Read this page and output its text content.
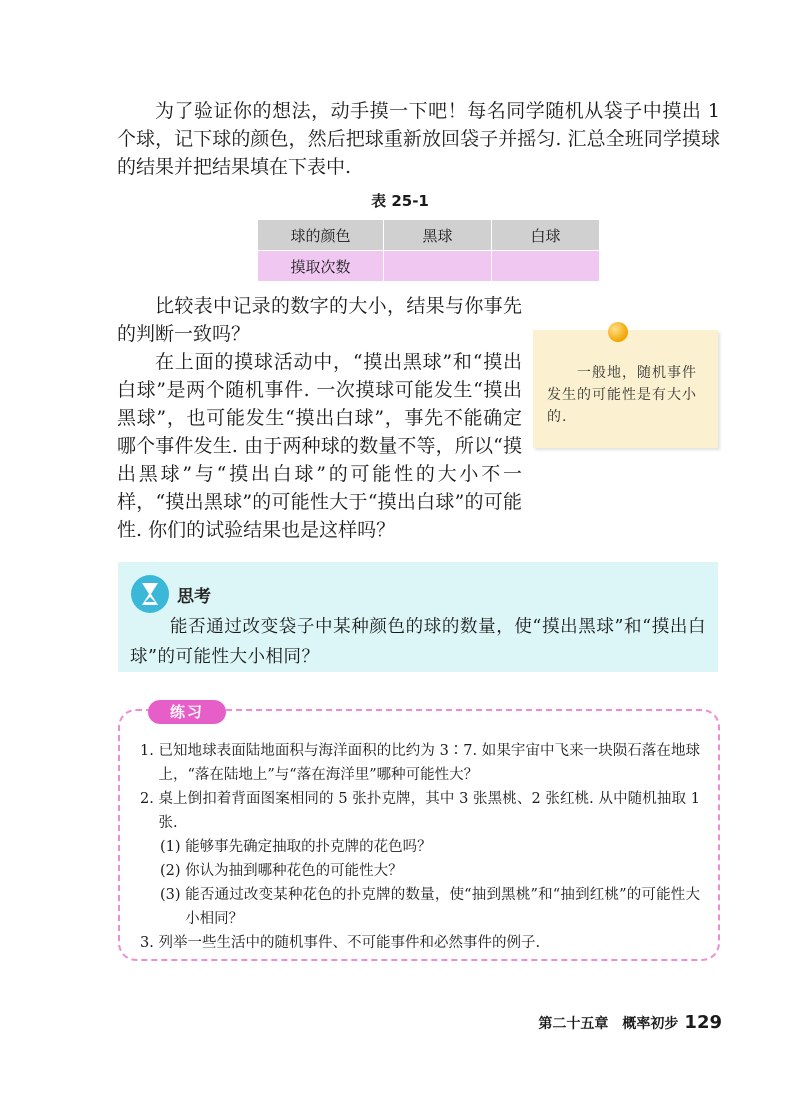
为了验证你的想法，动手摸一下吧！每名同学随机从袋子中摸出 1 个球，记下球的颜色，然后把球重新放回袋子并摇匀. 汇总全班同学摸球的结果并把结果填在下表中.

表 25-1
球的颜色	黑球	白球
摸取次数		

比较表中记录的数字的大小，结果与你事先的判断一致吗？

在上面的摸球活动中，“摸出黑球”和“摸出白球”是两个随机事件. 一次摸球可能发生“摸出黑球”，也可能发生“摸出白球”，事先不能确定哪个事件发生. 由于两种球的数量不等，所以“摸出黑球”与“摸出白球”的可能性的大小不一样，“摸出黑球”的可能性大于“摸出白球”的可能性. 你们的试验结果也是这样吗？

一般地，随机事件发生的可能性是有大小的.
思考

能否通过改变袋子中某种颜色的球的数量，使“摸出黑球”和“摸出白球”的可能性大小相同？

练习
1. 已知地球表面陆地面积与海洋面积的比约为 3∶7. 如果宇宙中飞来一块陨石落在地球上，“落在陆地上”与“落在海洋里”哪种可能性大？
2. 桌上倒扣着背面图案相同的 5 张扑克牌，其中 3 张黑桃、2 张红桃. 从中随机抽取 1 张.
(1) 能够事先确定抽取的扑克牌的花色吗？
(2) 你认为抽到哪种花色的可能性大？
(3) 能否通过改变某种花色的扑克牌的数量，使“抽到黑桃”和“抽到红桃”的可能性大小相同？
3. 列举一些生活中的随机事件、不可能事件和必然事件的例子.
第二十五章　概率初步 129
